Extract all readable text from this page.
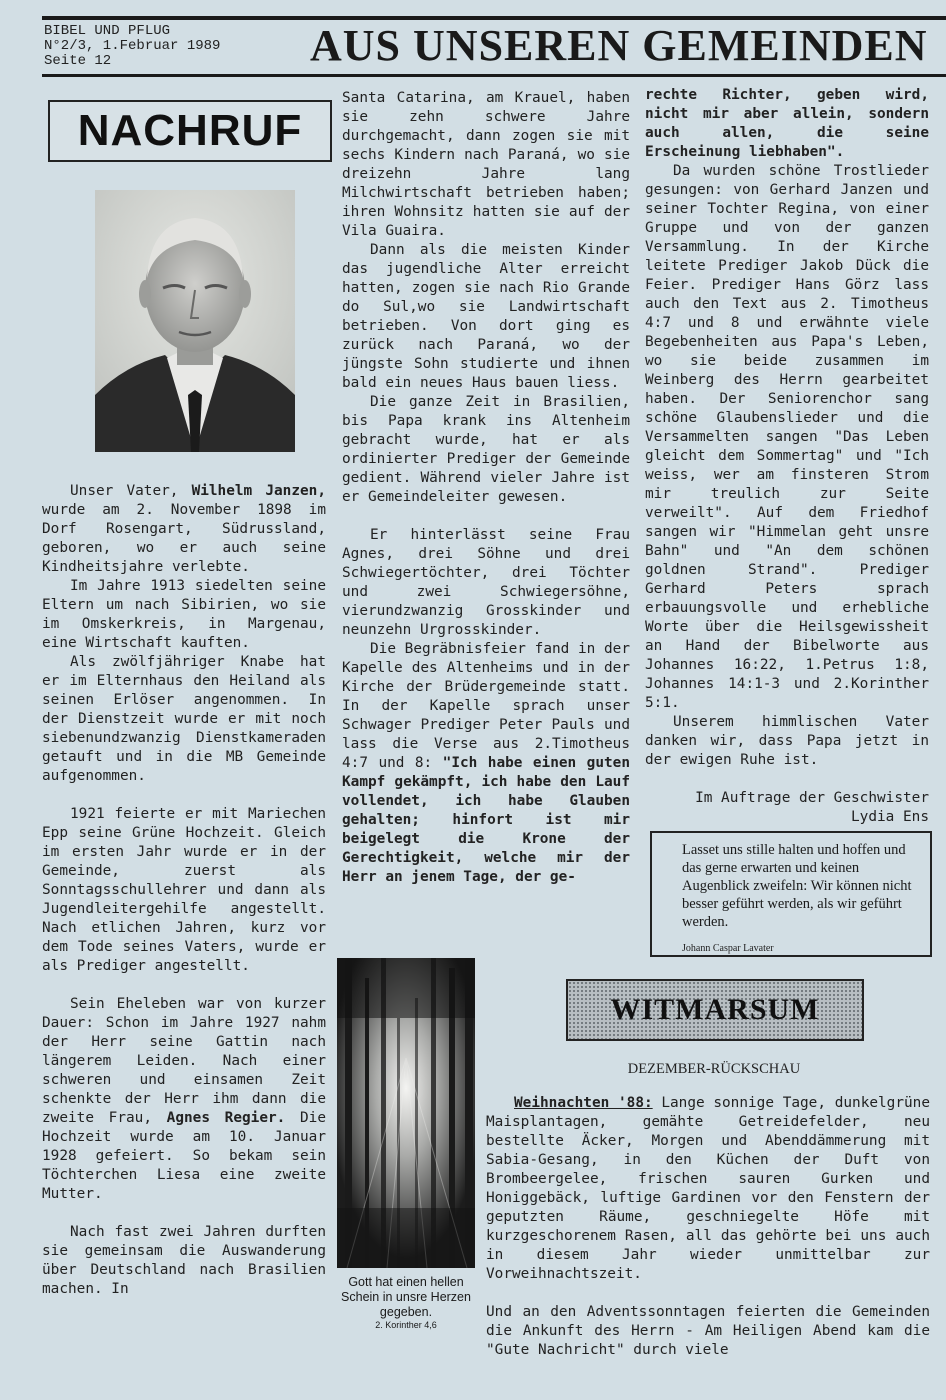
BIBEL UND PFLUG
N°2/3, 1.Februar 1989
Seite 12	AUS UNSEREN GEMEINDEN
NACHRUF

Unser Vater, Wilhelm Janzen, wurde am 2. November 1898 im Dorf Rosengart, Südrussland, geboren, wo er auch seine Kindheitsjahre verlebte.

Im Jahre 1913 siedelten seine Eltern um nach Sibirien, wo sie im Omskerkreis, in Margenau, eine Wirtschaft kauften.

Als zwölfjähriger Knabe hat er im Elternhaus den Heiland als seinen Erlöser angenommen. In der Dienstzeit wurde er mit noch siebenundzwanzig Dienstkameraden getauft und in die MB Gemeinde aufgenommen.

1921 feierte er mit Mariechen Epp seine Grüne Hochzeit. Gleich im ersten Jahr wurde er in der Gemeinde, zuerst als Sonntagsschullehrer und dann als Jugendleitergehilfe angestellt. Nach etlichen Jahren, kurz vor dem Tode seines Vaters, wurde er als Prediger angestellt.

Sein Eheleben war von kurzer Dauer: Schon im Jahre 1927 nahm der Herr seine Gattin nach längerem Leiden. Nach einer schweren und einsamen Zeit schenkte der Herr ihm dann die zweite Frau, Agnes Regier. Die Hochzeit wurde am 10. Januar 1928 gefeiert. So bekam sein Töchterchen Liesa eine zweite Mutter.

Nach fast zwei Jahren durften sie gemeinsam die Auswanderung über Deutschland nach Brasilien machen. In

Santa Catarina, am Krauel, haben sie zehn schwere Jahre durchgemacht, dann zogen sie mit sechs Kindern nach Paraná, wo sie dreizehn Jahre lang Milchwirtschaft betrieben haben; ihren Wohnsitz hatten sie auf der Vila Guaira.

Dann als die meisten Kinder das jugendliche Alter erreicht hatten, zogen sie nach Rio Grande do Sul,wo sie Landwirtschaft betrieben. Von dort ging es zurück nach Paraná, wo der jüngste Sohn studierte und ihnen bald ein neues Haus bauen liess.

Die ganze Zeit in Brasilien, bis Papa krank ins Altenheim gebracht wurde, hat er als ordinierter Prediger der Gemeinde gedient. Während vieler Jahre ist er Gemeindeleiter gewesen.

Er hinterlässt seine Frau Agnes, drei Söhne und drei Schwiegertöchter, drei Töchter und zwei Schwiegersöhne, vierundzwanzig Grosskinder und neunzehn Urgrosskinder.

Die Begräbnisfeier fand in der Kapelle des Altenheims und in der Kirche der Brüdergemeinde statt. In der Kapelle sprach unser Schwager Prediger Peter Pauls und lass die Verse aus 2.Timotheus 4:7 und 8: "Ich habe einen guten Kampf gekämpft, ich habe den Lauf vollendet, ich habe Glauben gehalten; hinfort ist mir beigelegt die Krone der Gerechtigkeit, welche mir der Herr an jenem Tage, der ge-

rechte Richter, geben wird, nicht mir aber allein, sondern auch allen, die seine Erscheinung liebhaben".

Da wurden schöne Trostlieder gesungen: von Gerhard Janzen und seiner Tochter Regina, von einer Gruppe und von der ganzen Versammlung. In der Kirche leitete Prediger Jakob Dück die Feier. Prediger Hans Görz lass auch den Text aus 2. Timotheus 4:7 und 8 und erwähnte viele Begebenheiten aus Papa's Leben, wo sie beide zusammen im Weinberg des Herrn gearbeitet haben. Der Seniorenchor sang schöne Glaubenslieder und die Versammelten sangen "Das Leben gleicht dem Sommertag" und "Ich weiss, wer am finsteren Strom mir treulich zur Seite verweilt". Auf dem Friedhof sangen wir "Himmelan geht unsre Bahn" und "An dem schönen goldnen Strand". Prediger Gerhard Peters sprach erbauungsvolle und erhebliche Worte über die Heilsgewissheit an Hand der Bibelworte aus Johannes 16:22, 1.Petrus 1:8, Johannes 14:1-3 und 2.Korinther 5:1.

Unserem himmlischen Vater danken wir, dass Papa jetzt in der ewigen Ruhe ist.

Im Auftrage der Geschwister

Lydia Ens

Lasset uns stille halten und hoffen und das gerne erwarten und keinen Augenblick zweifeln: Wir können nicht besser geführt werden, als wir geführt werden.
Johann Caspar Lavater
Gott hat einen hellen Schein in unsre Herzen gegeben.
2. Korinther 4,6
WITMARSUM
DEZEMBER-RÜCKSCHAU

Weihnachten '88: Lange sonnige Tage, dunkelgrüne Maisplantagen, gemähte Getreidefelder, neu bestellte Äcker, Morgen und Abenddämmerung mit Sabia-Gesang, in den Küchen der Duft von Brombeergelee, frischen sauren Gurken und Honiggebäck, luftige Gardinen vor den Fenstern der geputzten Räume, geschniegelte Höfe mit kurzgeschorenem Rasen, all das gehörte bei uns auch in diesem Jahr wieder unmittelbar zur Vorweihnachtszeit.

Und an den Adventssonntagen feierten die Gemeinden die Ankunft des Herrn - Am Heiligen Abend kam die "Gute Nachricht" durch viele
